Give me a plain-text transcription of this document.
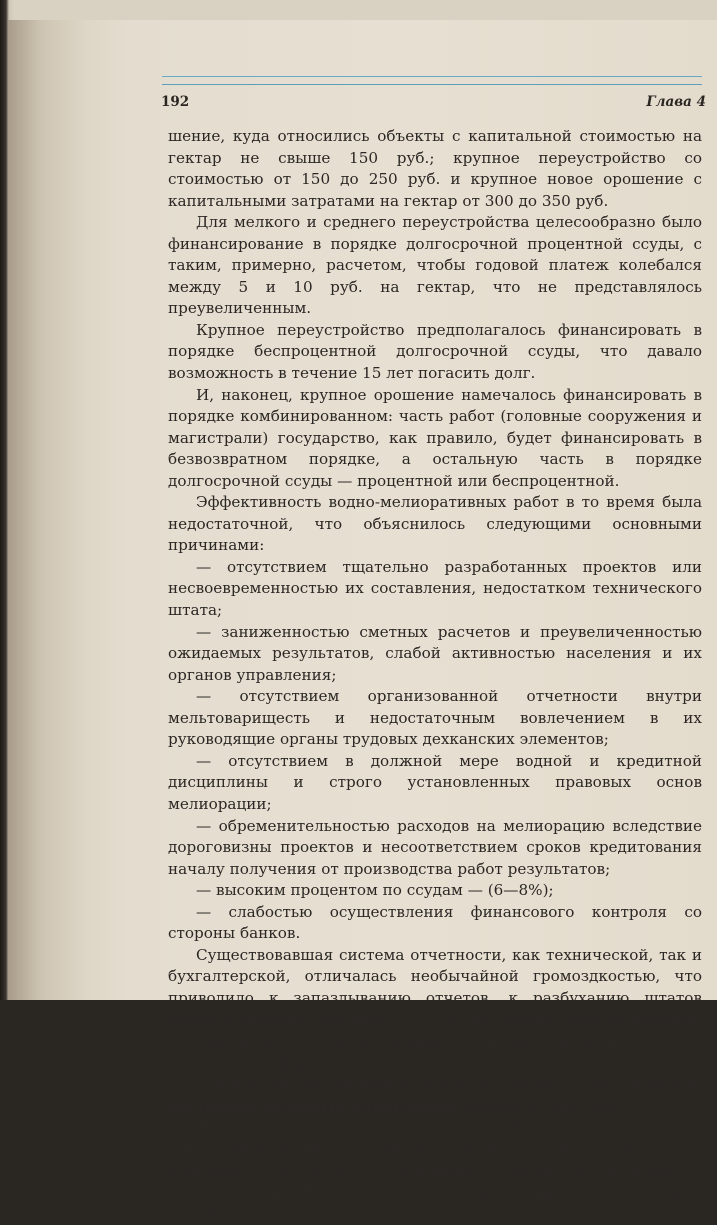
192	Глава 4

шение, куда относились объекты с капитальной стоимостью на гектар не свыше 150 руб.; крупное переустройство со стоимостью от 150 до 250 руб. и крупное новое орошение с капитальными затратами на гектар от 300 до 350 руб.

Для мелкого и среднего переустройства целесообразно было финансирование в порядке долгосрочной процентной ссуды, с таким, примерно, расчетом, чтобы годовой платеж колебался между 5 и 10 руб. на гектар, что не представлялось преувеличенным.

Крупное переустройство предполагалось финансировать в порядке беспроцентной долгосрочной ссуды, что давало возможность в течение 15 лет погасить долг.

И, наконец, крупное орошение намечалось финансировать в порядке комбинированном: часть работ (головные сооружения и магистрали) государство, как правило, будет финансировать в безвозвратном порядке, а остальную часть в порядке долгосрочной ссуды — процентной или беспроцентной.

Эффективность водно-мелиоративных работ в то время была недостаточной, что объяснилось следующими основными причинами:

— отсутствием тщательно разработанных проектов или несвоевременностью их составления, недостатком технического штата;

— заниженностью сметных расчетов и преувеличенностью ожидаемых результатов, слабой активностью населения и их органов управления;

— отсутствием организованной отчетности внутри мельтоварищесть и недостаточным вовлечением в их руководящие органы трудовых дехканских элементов;

— отсутствием в должной мере водной и кредитной дисциплины и строго установленных правовых основ мелиорации;

— обременительностью расходов на мелиорацию вследствие дороговизны проектов и несоответствием сроков кредитования началу получения от производства работ результатов;

— высоким процентом по ссудам — (6—8%);

— слабостью осуществления финансового контроля со стороны банков.

Существовавшая система отчетности, как технической, так и бухгалтерской, отличалась необычайной громоздкостью, что приводило к запаздыванию отчетов, к разбуханию штатов соответствующих органов и, в то же время, невозможностью составить ясное представление о проделанной работе, ее стоимости и эффективности.

В числе организационных вопросов следует особо выделить состояние аппарата управления водным хозяйством.

По утвержденному центром штату общее число служащих Управления Водного хозяйства Средней Азии составляло 73 человека, в том числе 31— инженеры и техники, 6— экономисты и статистики. По водхозам республик управленческая часть составляла:
